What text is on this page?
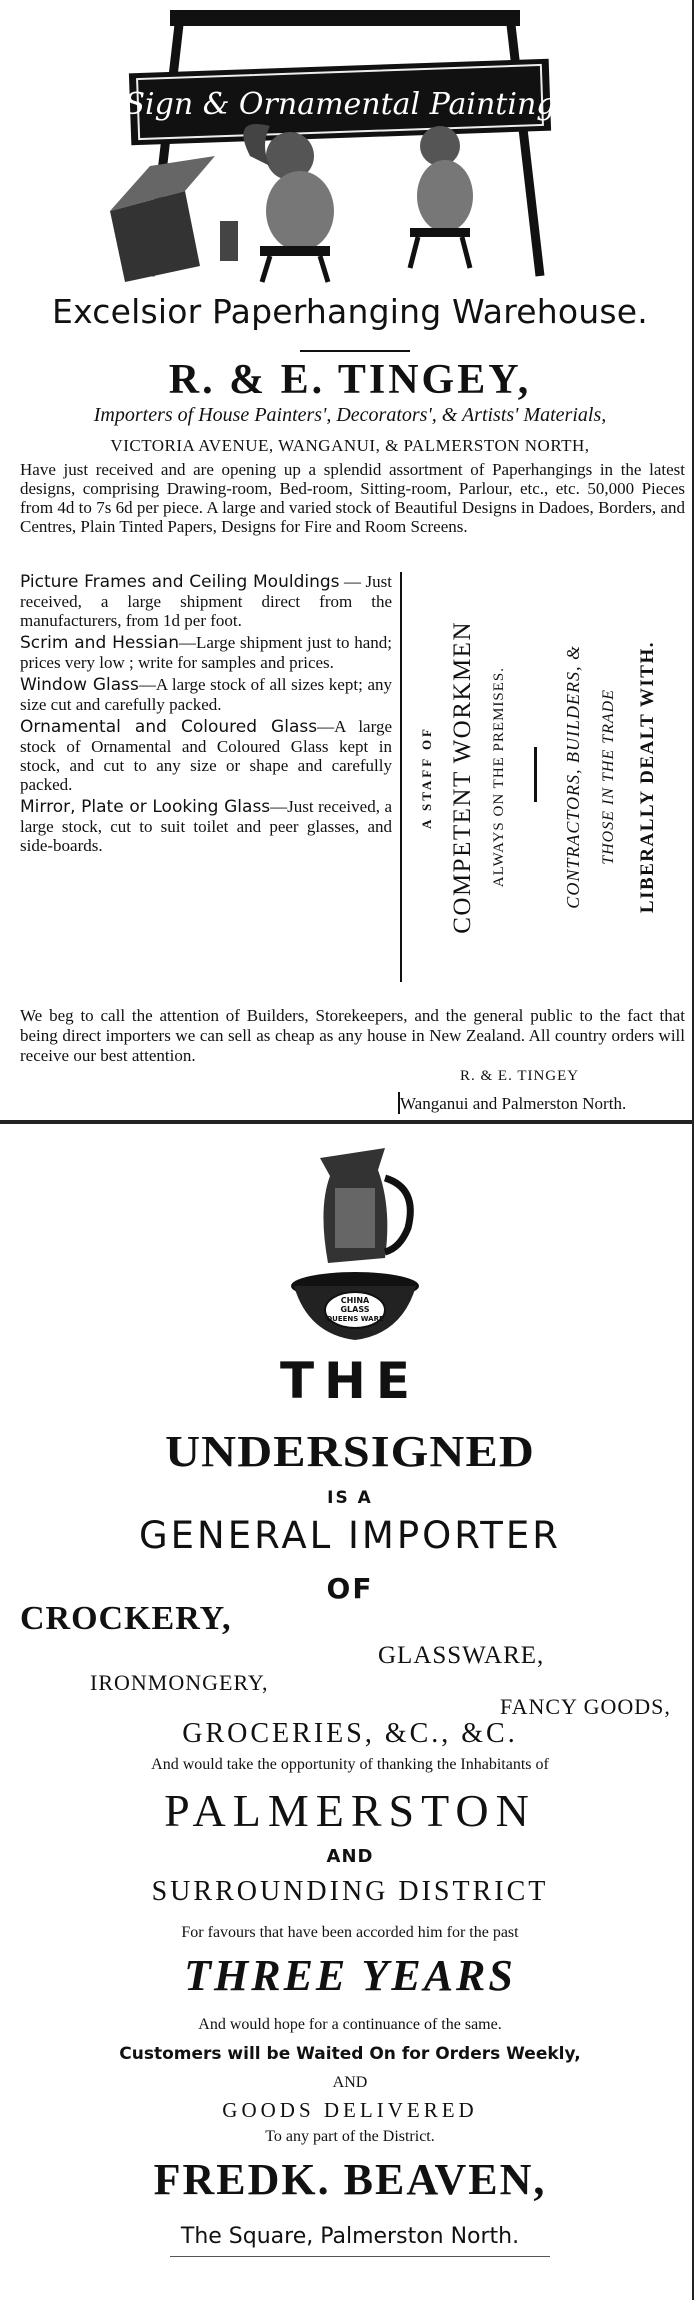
Sign & Ornamental Painting
Excelsior Paperhanging Warehouse.
R. & E. TINGEY,
Importers of House Painters', Decorators', & Artists' Materials,
VICTORIA AVENUE, WANGANUI, & PALMERSTON NORTH,
Have just received and are opening up a splendid assortment of Paperhangings in the latest designs, comprising Drawing-room, Bed-room, Sitting-room, Parlour, etc., etc. 50,000 Pieces from 4d to 7s 6d per piece. A large and varied stock of Beautiful Designs in Dadoes, Borders, and Centres, Plain Tinted Papers, Designs for Fire and Room Screens.

Picture Frames and Ceiling Mouldings — Just received, a large shipment direct from the manufacturers, from 1d per foot.

Scrim and Hessian—Large shipment just to hand; prices very low ; write for samples and prices.

Window Glass—A large stock of all sizes kept; any size cut and carefully packed.

Ornamental and Coloured Glass—A large stock of Ornamental and Coloured Glass kept in stock, and cut to any size or shape and carefully packed.

Mirror, Plate or Looking Glass—Just received, a large stock, cut to suit toilet and peer glasses, and side-boards.

A STAFF OF COMPETENT WORKMEN ALWAYS ON THE PREMISES.	CONTRACTORS, BUILDERS, & THOSE IN THE TRADE LIBERALLY DEALT WITH.
We beg to call the attention of Builders, Storekeepers, and the general public to the fact that being direct importers we can sell as cheap as any house in New Zealand. All country orders will receive our best attention.
R. & E. TINGEY
Wanganui and Palmerston North.
CHINA
GLASS
QUEENS WARE
THE
UNDERSIGNED
IS A
GENERAL IMPORTER
OF
CROCKERY,
GLASSWARE,
IRONMONGERY,
FANCY GOODS,
GROCERIES, &C., &C.
And would take the opportunity of thanking the Inhabitants of
PALMERSTON
AND
SURROUNDING DISTRICT
For favours that have been accorded him for the past
THREE YEARS
And would hope for a continuance of the same.
Customers will be Waited On for Orders Weekly,
AND
GOODS DELIVERED
To any part of the District.
FREDK. BEAVEN,
The Square, Palmerston North.
